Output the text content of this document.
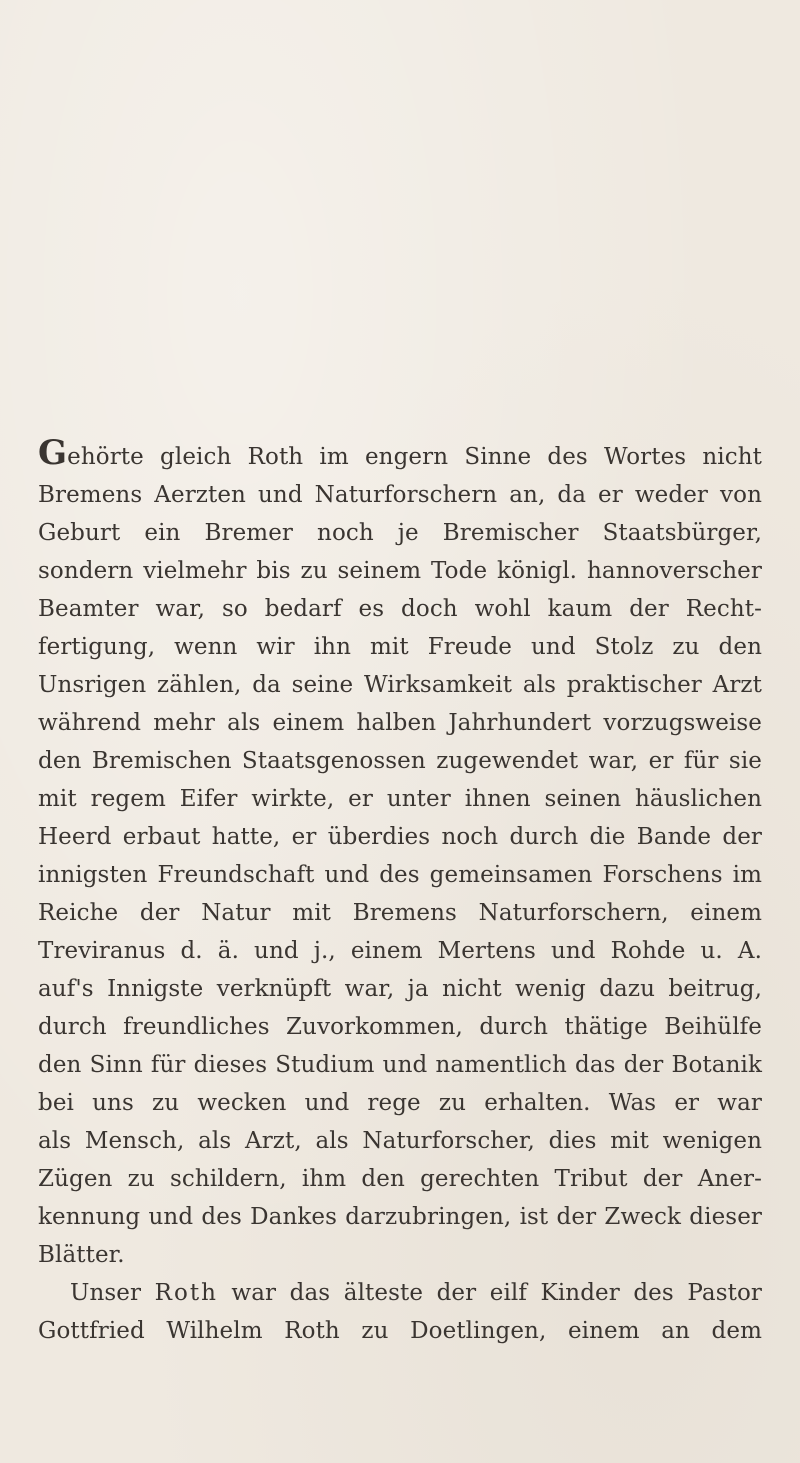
Gehörte gleich Roth im engern Sinne des Wortes nicht
Bremens Aerzten und Naturforschern an, da er weder von
Geburt ein Bremer noch je Bremischer Staatsbürger,
sondern vielmehr bis zu seinem Tode königl. hannoverscher
Beamter war, so bedarf es doch wohl kaum der Recht-
fertigung, wenn wir ihn mit Freude und Stolz zu den
Unsrigen zählen, da seine Wirksamkeit als praktischer Arzt
während mehr als einem halben Jahrhundert vorzugsweise
den Bremischen Staatsgenossen zugewendet war, er für sie
mit regem Eifer wirkte, er unter ihnen seinen häuslichen
Heerd erbaut hatte, er überdies noch durch die Bande der
innigsten Freundschaft und des gemeinsamen Forschens im
Reiche der Natur mit Bremens Naturforschern, einem
Treviranus d. ä. und j., einem Mertens und Rohde u. A.
auf's Innigste verknüpft war, ja nicht wenig dazu beitrug,
durch freundliches Zuvorkommen, durch thätige Beihülfe
den Sinn für dieses Studium und namentlich das der Botanik
bei uns zu wecken und rege zu erhalten. Was er war
als Mensch, als Arzt, als Naturforscher, dies mit wenigen
Zügen zu schildern, ihm den gerechten Tribut der Aner-
kennung und des Dankes darzubringen, ist der Zweck dieser
Blätter.
Unser Roth war das älteste der eilf Kinder des Pastor
Gottfried Wilhelm Roth zu Doetlingen, einem an dem
